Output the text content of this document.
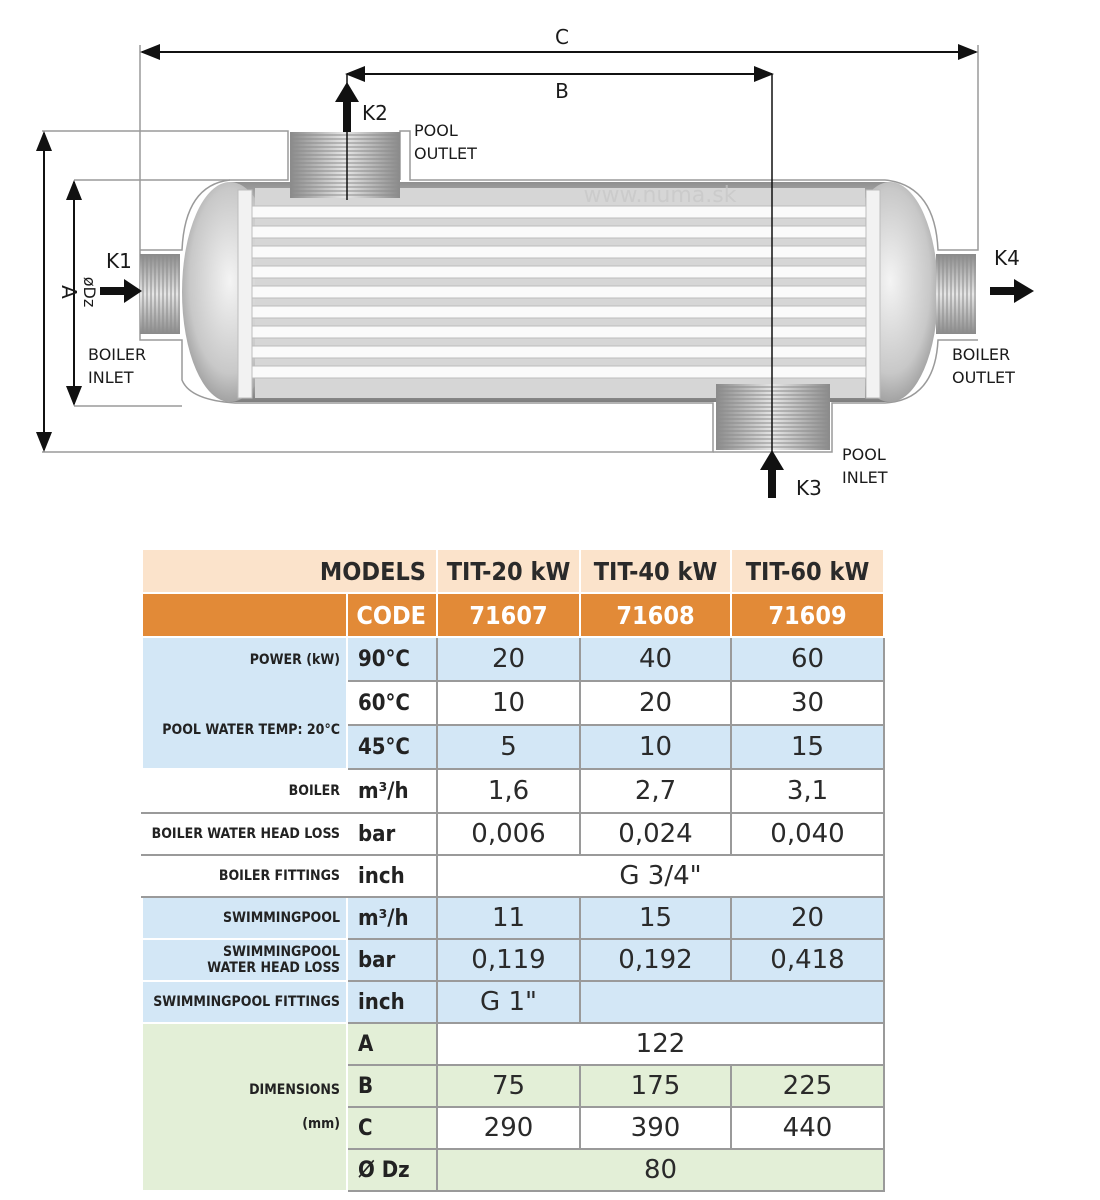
www.numa.sk
C
B
A øDz
K2
K3
K1	K4
POOL
OUTLET
POOL
INLET
BOILER
INLET
BOILER
OUTLET
MODELS		TIT-20 kW	TIT-40 kW	TIT-60 kW
	CODE	71607	71608	71609

POWER (kW)
POOL WATER TEMP: 20°C	90°C	20	40	60
	60°C	10	20	30
	45°C	5	10	15
BOILER	m³/h	1,6	2,7	3,1
BOILER WATER HEAD LOSS	bar	0,006	0,024	0,040
BOILER FITTINGS	inch	G 3/4"		
SWIMMINGPOOL	m³/h	11	15	20

SWIMMINGPOOL
WATER HEAD LOSS	bar	0,119	0,192	0,418
SWIMMINGPOOL FITTINGS	inch	G 1"		

DIMENSIONS
(mm)	A	122		
	B	75	175	225
	C	290	390	440
	Ø Dz	80		
